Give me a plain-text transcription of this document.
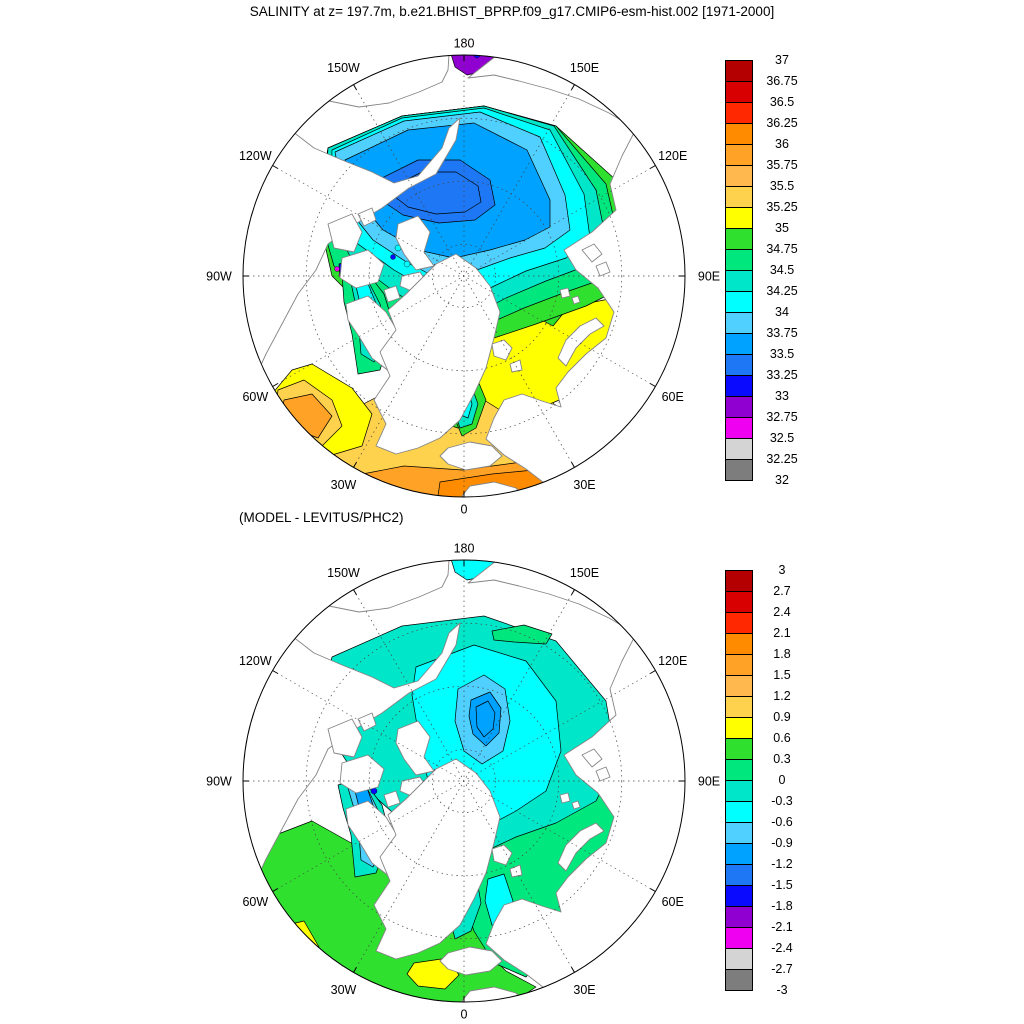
SALINITY at z= 197.7m, b.e21.BHIST_BPRP.f09_g17.CMIP6-esm-hist.002 [1971-2000]
(MODEL - LEVITUS/PHC2)
180
150E
120E
90E
60E
30E
0
30W
60W
90W
120W
150W
180
150E
120E
90E
60E
30E
0
30W
60W
90W
120W
150W
37
36.75
36.5
36.25
36
35.75
35.5
35.25
35
34.75
34.5
34.25
34
33.75
33.5
33.25
33
32.75
32.5
32.25
32
3
2.7
2.4
2.1
1.8
1.5
1.2
0.9
0.6
0.3
0
-0.3
-0.6
-0.9
-1.2
-1.5
-1.8
-2.1
-2.4
-2.7
-3
